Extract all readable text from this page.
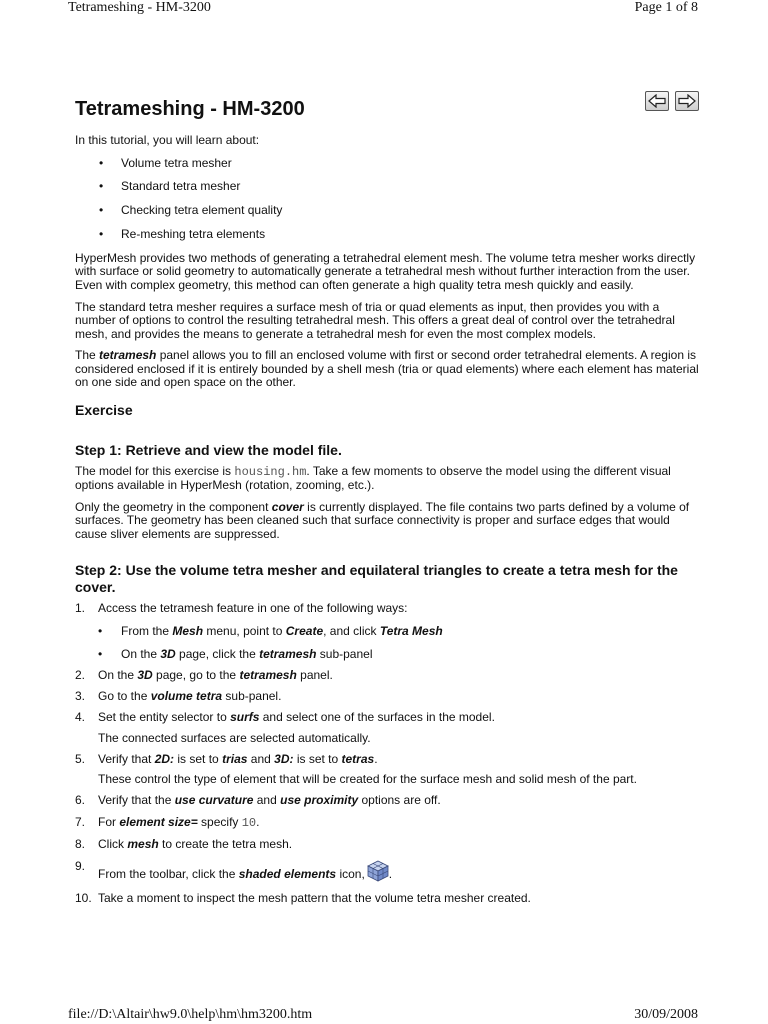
Tetrameshing - HM-3200	Page 1 of 8
Tetrameshing - HM-3200

In this tutorial, you will learn about:

• Volume tetra mesher
• Standard tetra mesher
• Checking tetra element quality
• Re-meshing tetra elements

HyperMesh provides two methods of generating a tetrahedral element mesh. The volume tetra mesher works directly with surface or solid geometry to automatically generate a tetrahedral mesh without further interaction from the user. Even with complex geometry, this method can often generate a high quality tetra mesh quickly and easily.

The standard tetra mesher requires a surface mesh of tria or quad elements as input, then provides you with a number of options to control the resulting tetrahedral mesh. This offers a great deal of control over the tetrahedral mesh, and provides the means to generate a tetrahedral mesh for even the most complex models.

The tetramesh panel allows you to fill an enclosed volume with first or second order tetrahedral elements. A region is considered enclosed if it is entirely bounded by a shell mesh (tria or quad elements) where each element has material on one side and open space on the other.

Exercise
Step 1: Retrieve and view the model file.

The model for this exercise is housing.hm. Take a few moments to observe the model using the different visual options available in HyperMesh (rotation, zooming, etc.).

Only the geometry in the component cover is currently displayed. The file contains two parts defined by a volume of surfaces. The geometry has been cleaned such that surface connectivity is proper and surface edges that would cause sliver elements are suppressed.

Step 2: Use the volume tetra mesher and equilateral triangles to create a tetra mesh for the cover.
1. Access the tetramesh feature in one of the following ways:
• From the Mesh menu, point to Create, and click Tetra Mesh
• On the 3D page, click the tetramesh sub-panel
2. On the 3D page, go to the tetramesh panel.
3. Go to the volume tetra sub-panel.
4. Set the entity selector to surfs and select one of the surfaces in the model.
The connected surfaces are selected automatically.
5. Verify that 2D: is set to trias and 3D: is set to tetras.
These control the type of element that will be created for the surface mesh and solid mesh of the part.
6. Verify that the use curvature and use proximity options are off.
7. For element size= specify 10.
8. Click mesh to create the tetra mesh.
9.
From the toolbar, click the shaded elements icon, .
10. Take a moment to inspect the mesh pattern that the volume tetra mesher created.
file://D:\Altair\hw9.0\help\hm\hm3200.htm	30/09/2008
